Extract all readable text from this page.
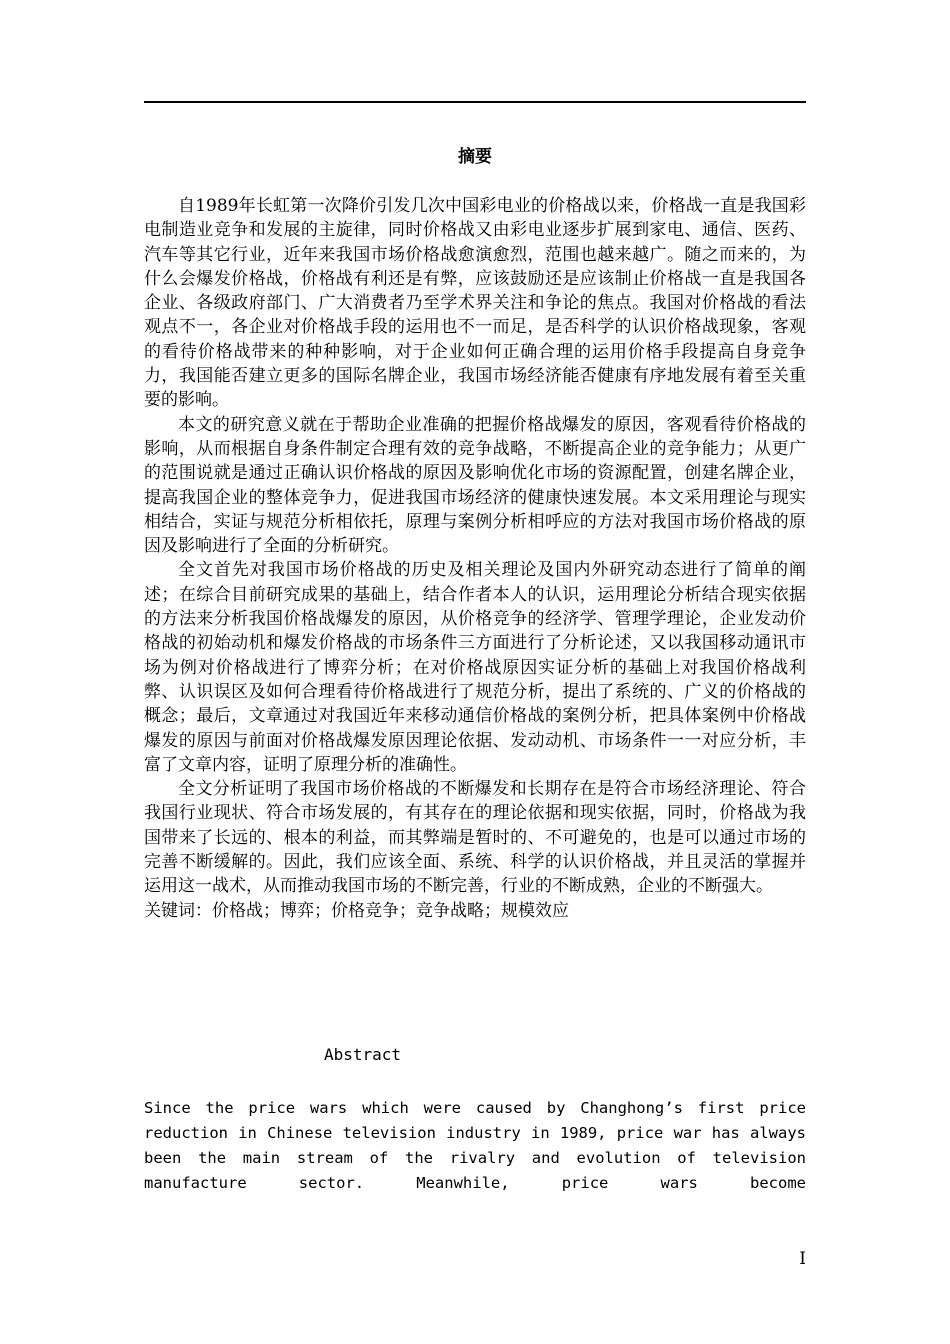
摘要

自1989年长虹第一次降价引发几次中国彩电业的价格战以来，价格战一直是我国彩电制造业竞争和发展的主旋律，同时价格战又由彩电业逐步扩展到家电、通信、医药、汽车等其它行业，近年来我国市场价格战愈演愈烈，范围也越来越广。随之而来的，为什么会爆发价格战，价格战有利还是有弊，应该鼓励还是应该制止价格战一直是我国各企业、各级政府部门、广大消费者乃至学术界关注和争论的焦点。我国对价格战的看法观点不一，各企业对价格战手段的运用也不一而足，是否科学的认识价格战现象，客观的看待价格战带来的种种影响，对于企业如何正确合理的运用价格手段提高自身竞争力，我国能否建立更多的国际名牌企业，我国市场经济能否健康有序地发展有着至关重要的影响。

本文的研究意义就在于帮助企业准确的把握价格战爆发的原因，客观看待价格战的影响，从而根据自身条件制定合理有效的竞争战略，不断提高企业的竞争能力；从更广的范围说就是通过正确认识价格战的原因及影响优化市场的资源配置，创建名牌企业，提高我国企业的整体竞争力，促进我国市场经济的健康快速发展。本文采用理论与现实相结合，实证与规范分析相依托，原理与案例分析相呼应的方法对我国市场价格战的原因及影响进行了全面的分析研究。

全文首先对我国市场价格战的历史及相关理论及国内外研究动态进行了简单的阐述；在综合目前研究成果的基础上，结合作者本人的认识，运用理论分析结合现实依据的方法来分析我国价格战爆发的原因，从价格竞争的经济学、管理学理论，企业发动价格战的初始动机和爆发价格战的市场条件三方面进行了分析论述，又以我国移动通讯市场为例对价格战进行了博弈分析；在对价格战原因实证分析的基础上对我国价格战利弊、认识误区及如何合理看待价格战进行了规范分析，提出了系统的、广义的价格战的概念；最后，文章通过对我国近年来移动通信价格战的案例分析，把具体案例中价格战爆发的原因与前面对价格战爆发原因理论依据、发动动机、市场条件一一对应分析，丰富了文章内容，证明了原理分析的准确性。

全文分析证明了我国市场价格战的不断爆发和长期存在是符合市场经济理论、符合我国行业现状、符合市场发展的，有其存在的理论依据和现实依据，同时，价格战为我国带来了长远的、根本的利益，而其弊端是暂时的、不可避免的，也是可以通过市场的完善不断缓解的。因此，我们应该全面、系统、科学的认识价格战，并且灵活的掌握并运用这一战术，从而推动我国市场的不断完善，行业的不断成熟，企业的不断强大。

关键词：价格战；博弈；价格竞争；竞争战略；规模效应

Abstract

Since the price wars which were caused by Changhong’s first price reduction in Chinese television industry in 1989, price war has always been the main stream of the rivalry and evolution of television manufacture sector. Meanwhile, price wars become

I
